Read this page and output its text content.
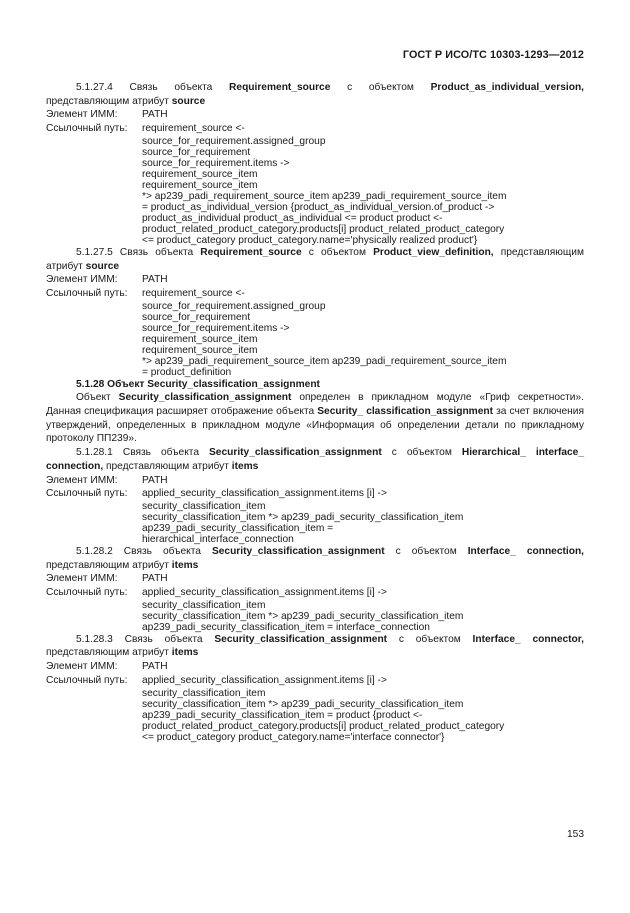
ГОСТ Р ИСО/ТС 10303-1293—2012
5.1.27.4 Связь объекта Requirement_source с объектом Product_as_individual_version, представляющим атрибут source
Элемент ИММ:	PATH
Ссылочный путь:	requirement_source <-
source_for_requirement.assigned_group
source_for_requirement
source_for_requirement.items ->
requirement_source_item
requirement_source_item
*> ap239_padi_requirement_source_item ap239_padi_requirement_source_item
= product_as_individual_version {product_as_individual_version.of_product ->
product_as_individual product_as_individual <= product product <-
product_related_product_category.products[i] product_related_product_category
<= product_category product_category.name='physically realized product'}
5.1.27.5 Связь объекта Requirement_source с объектом Product_view_definition, представляющим атрибут source
Элемент ИММ:	PATH
Ссылочный путь:	requirement_source <-
source_for_requirement.assigned_group
source_for_requirement
source_for_requirement.items ->
requirement_source_item
requirement_source_item
*> ap239_padi_requirement_source_item ap239_padi_requirement_source_item
= product_definition
5.1.28 Объект Security_classification_assignment
Объект Security_classification_assignment определен в прикладном модуле «Гриф секретности». Данная спецификация расширяет отображение объекта Security_ classification_assignment за счет включения утверждений, определенных в прикладном модуле «Информация об определении детали по прикладному протоколу ПП239».
5.1.28.1 Связь объекта Security_classification_assignment с объектом Hierarchical_ interface_ connection, представляющим атрибут items
Элемент ИММ:	PATH
Ссылочный путь:	applied_security_classification_assignment.items [i] ->
security_classification_item
security_classification_item *> ap239_padi_security_classification_item
ap239_padi_security_classification_item =
hierarchical_interface_connection
5.1.28.2 Связь объекта Security_classification_assignment с объектом Interface_ connection, представляющим атрибут items
Элемент ИММ:	PATH
Ссылочный путь:	applied_security_classification_assignment.items [i] ->
security_classification_item
security_classification_item *> ap239_padi_security_classification_item
ap239_padi_security_classification_item = interface_connection
5.1.28.3 Связь объекта Security_classification_assignment с объектом Interface_ connector, представляющим атрибут items
Элемент ИММ:	PATH
Ссылочный путь:	applied_security_classification_assignment.items [i] ->
security_classification_item
security_classification_item *> ap239_padi_security_classification_item
ap239_padi_security_classification_item = product {product <-
product_related_product_category.products[i] product_related_product_category
<= product_category product_category.name='interface connector'}
153
